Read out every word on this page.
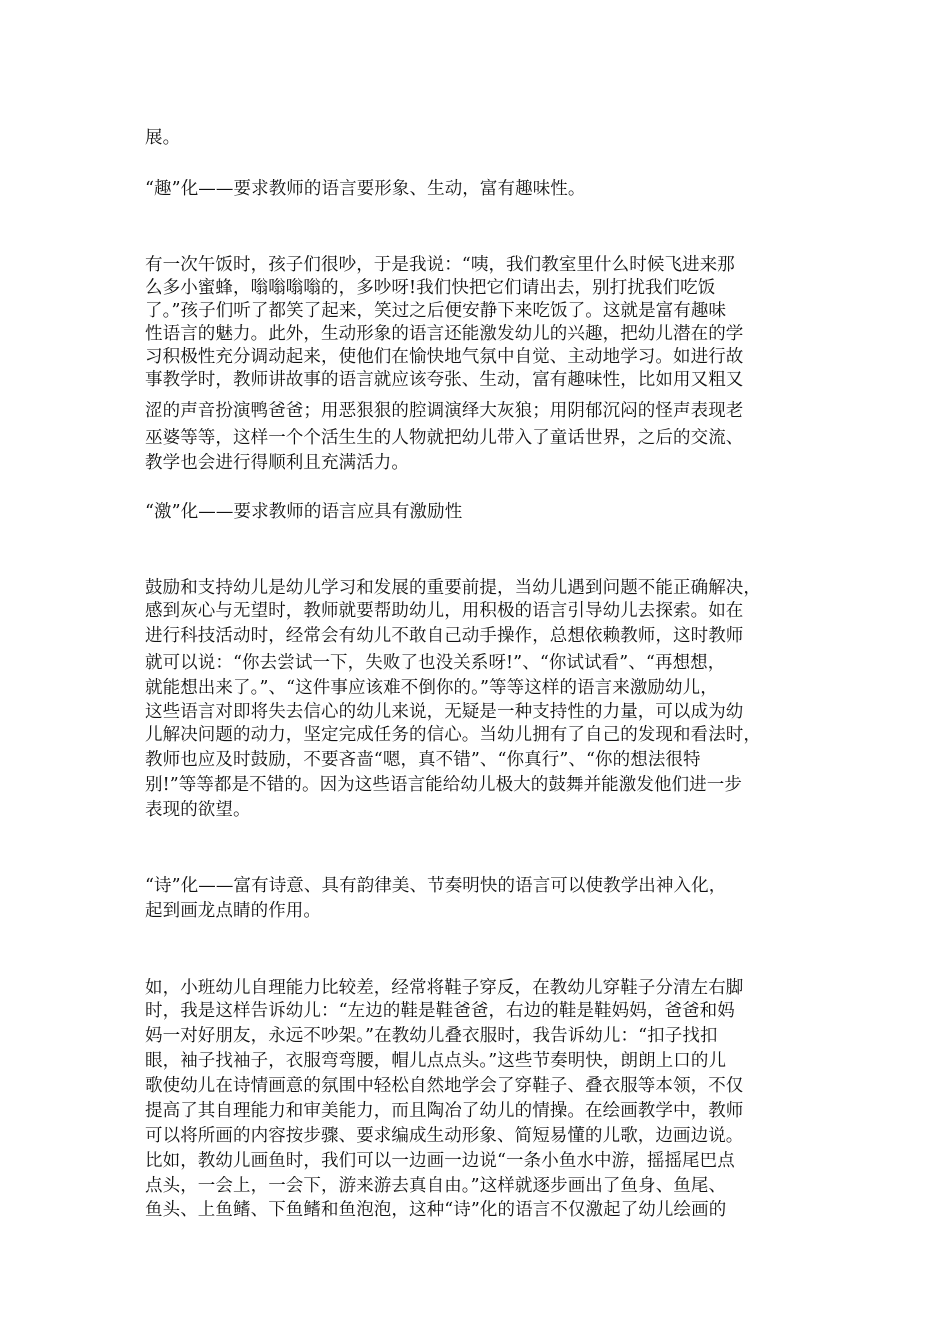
展。
“趣”化——要求教师的语言要形象、生动，富有趣味性。
有一次午饭时，孩子们很吵，于是我说：“咦，我们教室里什么时候飞进来那
么多小蜜蜂，嗡嗡嗡嗡的，多吵呀!我们快把它们请出去，别打扰我们吃饭
了。”孩子们听了都笑了起来，笑过之后便安静下来吃饭了。这就是富有趣味
性语言的魅力。此外，生动形象的语言还能激发幼儿的兴趣，把幼儿潜在的学
习积极性充分调动起来，使他们在愉快地气氛中自觉、主动地学习。如进行故
事教学时，教师讲故事的语言就应该夸张、生动，富有趣味性，比如用又粗又
涩的声音扮演鸭爸爸；用恶狠狠的腔调演绎大灰狼；用阴郁沉闷的怪声表现老
巫婆等等，这样一个个活生生的人物就把幼儿带入了童话世界，之后的交流、
教学也会进行得顺利且充满活力。
“激”化——要求教师的语言应具有激励性
鼓励和支持幼儿是幼儿学习和发展的重要前提，当幼儿遇到问题不能正确解决，
感到灰心与无望时，教师就要帮助幼儿，用积极的语言引导幼儿去探索。如在
进行科技活动时，经常会有幼儿不敢自己动手操作，总想依赖教师，这时教师
就可以说：“你去尝试一下，失败了也没关系呀!”、“你试试看”、“再想想，
就能想出来了。”、“这件事应该难不倒你的。”等等这样的语言来激励幼儿，
这些语言对即将失去信心的幼儿来说，无疑是一种支持性的力量，可以成为幼
儿解决问题的动力，坚定完成任务的信心。当幼儿拥有了自己的发现和看法时，
教师也应及时鼓励，不要吝啬“嗯，真不错”、“你真行”、“你的想法很特
别!”等等都是不错的。因为这些语言能给幼儿极大的鼓舞并能激发他们进一步
表现的欲望。
“诗”化——富有诗意、具有韵律美、节奏明快的语言可以使教学出神入化，
起到画龙点睛的作用。
如，小班幼儿自理能力比较差，经常将鞋子穿反，在教幼儿穿鞋子分清左右脚
时，我是这样告诉幼儿：“左边的鞋是鞋爸爸，右边的鞋是鞋妈妈，爸爸和妈
妈一对好朋友，永远不吵架。”在教幼儿叠衣服时，我告诉幼儿：“扣子找扣
眼，袖子找袖子，衣服弯弯腰，帽儿点点头。”这些节奏明快，朗朗上口的儿
歌使幼儿在诗情画意的氛围中轻松自然地学会了穿鞋子、叠衣服等本领，不仅
提高了其自理能力和审美能力，而且陶冶了幼儿的情操。在绘画教学中，教师
可以将所画的内容按步骤、要求编成生动形象、简短易懂的儿歌，边画边说。
比如，教幼儿画鱼时，我们可以一边画一边说“一条小鱼水中游，摇摇尾巴点
点头，一会上，一会下，游来游去真自由。”这样就逐步画出了鱼身、鱼尾、
鱼头、上鱼鳍、下鱼鳍和鱼泡泡，这种“诗”化的语言不仅激起了幼儿绘画的
